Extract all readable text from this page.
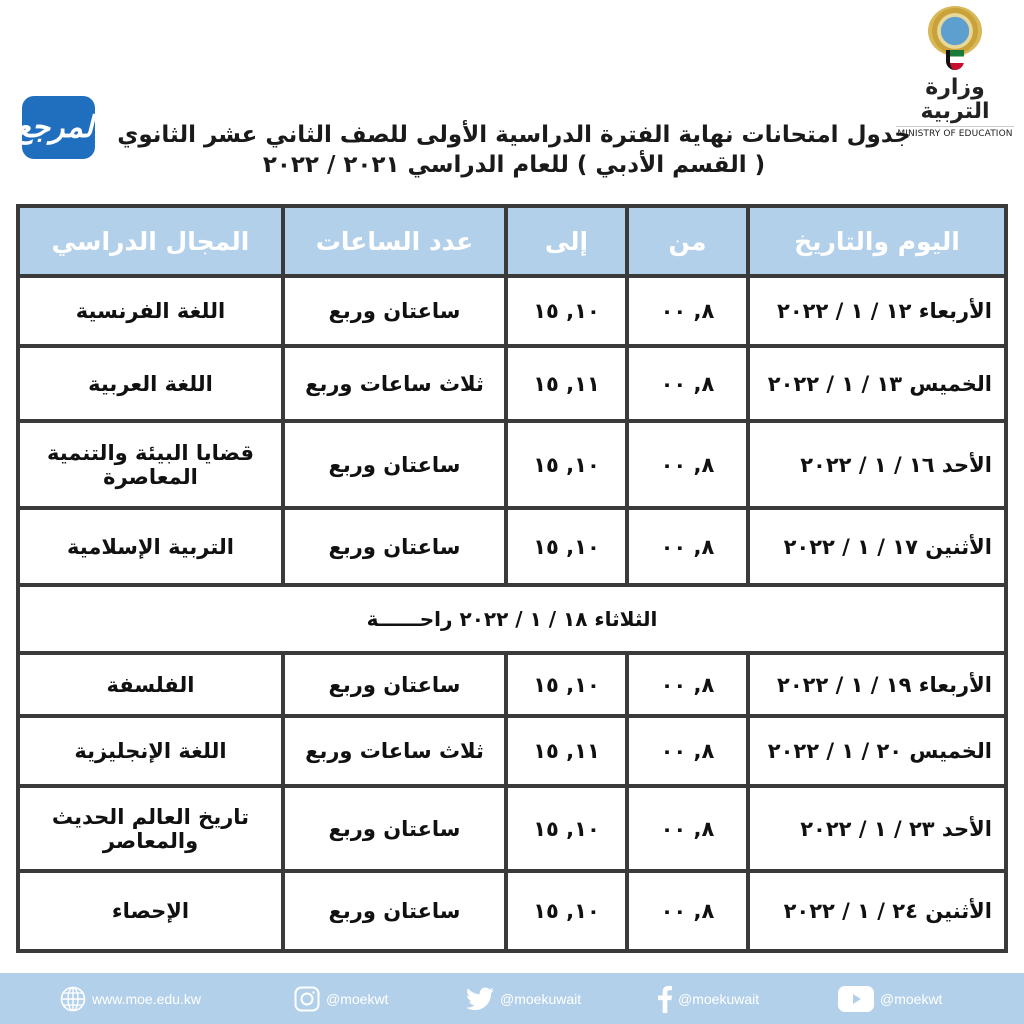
وزارة التربية
MINISTRY OF EDUCATION
المرجع جدول امتحانات نهاية الفترة الدراسية الأولى للصف الثاني عشر الثانوي
( القسم الأدبي ) للعام الدراسي ٢٠٢١ / ٢٠٢٢
اليوم والتاريخ	من	إلى	عدد الساعات	المجال الدراسي
الأربعاء ١٢ / ١ / ٢٠٢٢	٨, ٠٠	١٠, ١٥	ساعتان وربع	اللغة الفرنسية
الخميس ١٣ / ١ / ٢٠٢٢	٨, ٠٠	١١, ١٥	ثلاث ساعات وربع	اللغة العربية
الأحد ١٦ / ١ / ٢٠٢٢	٨, ٠٠	١٠, ١٥	ساعتان وربع	قضايا البيئة والتنمية المعاصرة
الأثنين ١٧ / ١ / ٢٠٢٢	٨, ٠٠	١٠, ١٥	ساعتان وربع	التربية الإسلامية
الثلاثاء ١٨ / ١ / ٢٠٢٢ راحــــــة				
الأربعاء ١٩ / ١ / ٢٠٢٢	٨, ٠٠	١٠, ١٥	ساعتان وربع	الفلسفة
الخميس ٢٠ / ١ / ٢٠٢٢	٨, ٠٠	١١, ١٥	ثلاث ساعات وربع	اللغة الإنجليزية
الأحد ٢٣ / ١ / ٢٠٢٢	٨, ٠٠	١٠, ١٥	ساعتان وربع	تاريخ العالم الحديث والمعاصر
الأثنين ٢٤ / ١ / ٢٠٢٢	٨, ٠٠	١٠, ١٥	ساعتان وربع	الإحصاء
www.moe.edu.kw	@moekwt	@moekuwait	@moekuwait	@moekwt
